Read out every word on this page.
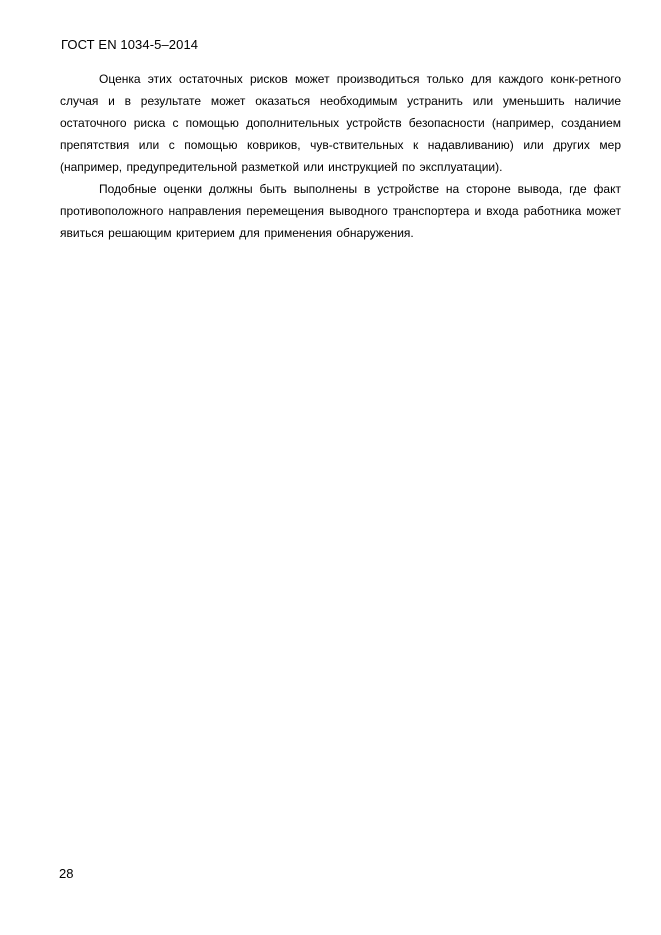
ГОСТ EN 1034-5–2014

Оценка этих остаточных рисков может производиться только для каждого конк-ретного случая и в результате может оказаться необходимым устранить или уменьшить наличие остаточного риска с помощью дополнительных устройств безопасности (например, созданием препятствия или с помощью ковриков, чув-ствительных к надавливанию) или других мер (например, предупредительной разметкой или инструкцией по эксплуатации).

Подобные оценки должны быть выполнены в устройстве на стороне вывода, где факт противоположного направления перемещения выводного транспортера и входа работника может явиться решающим критерием для применения обнаружения.

28
